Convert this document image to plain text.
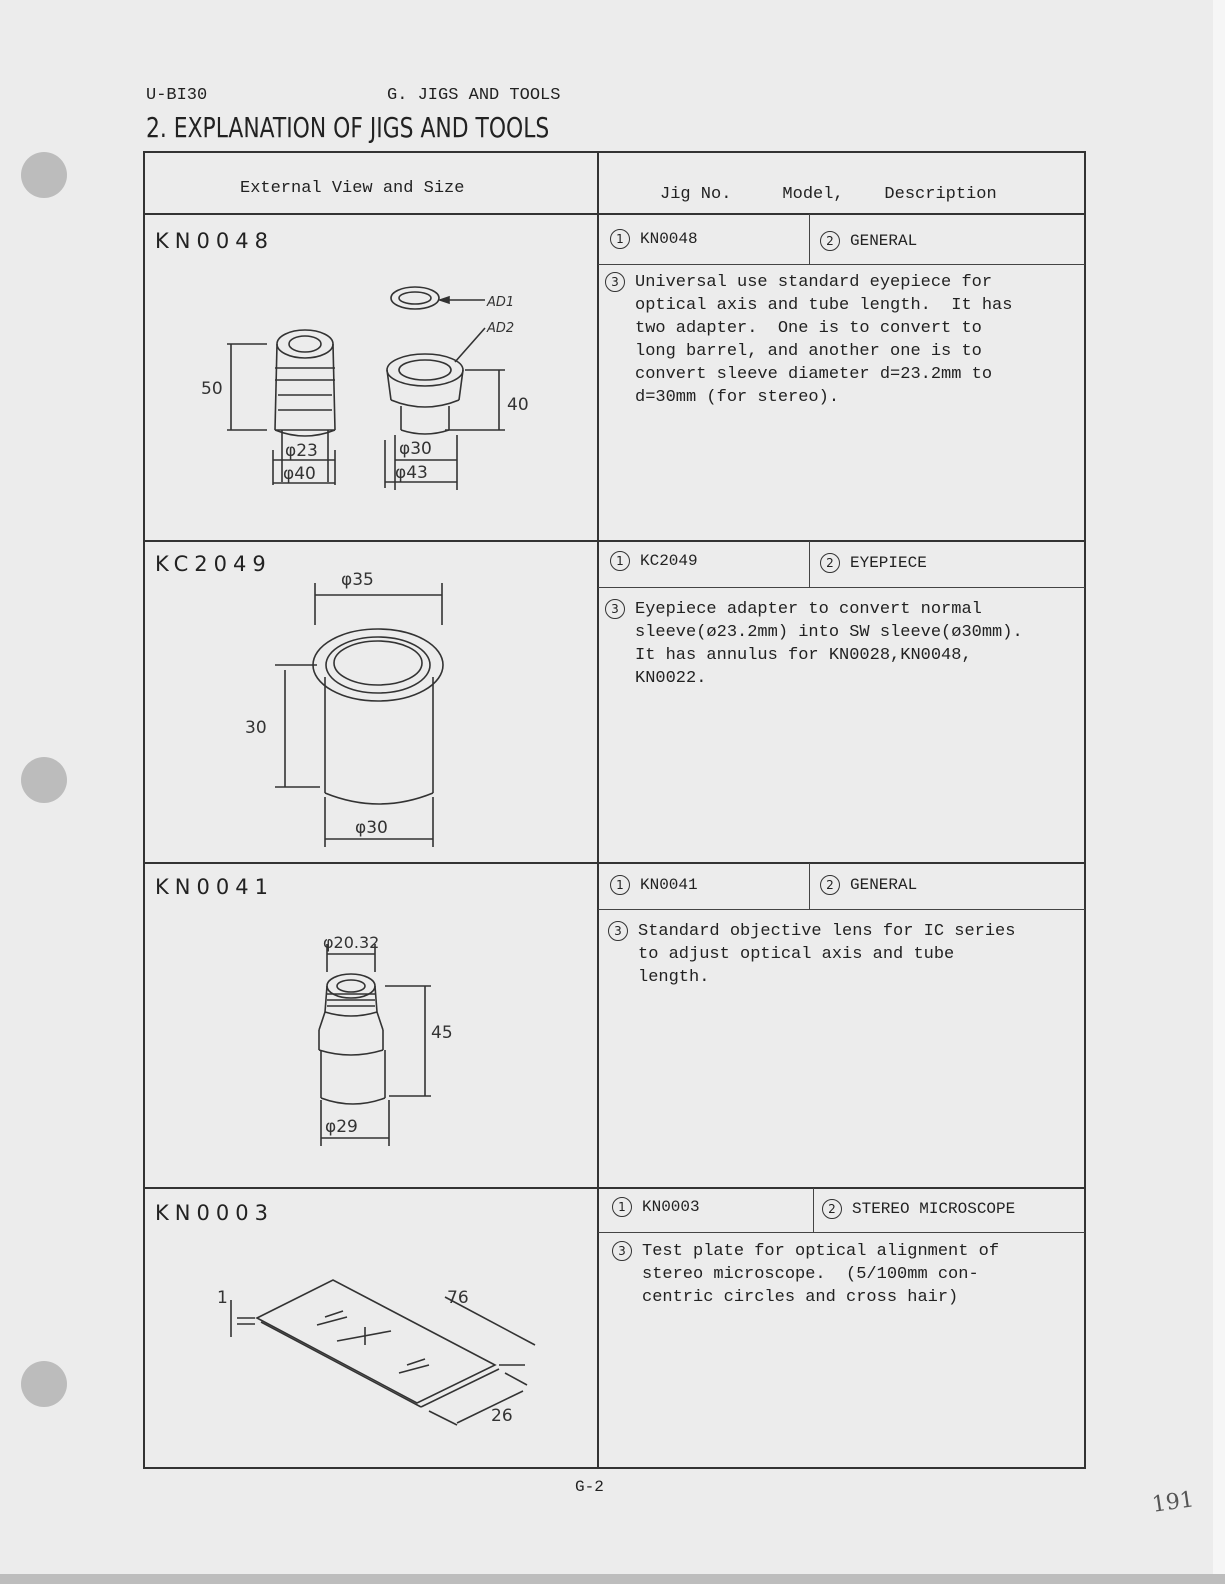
U-BI30	G. JIGS AND TOOLS
2. EXPLANATION OF JIGS AND TOOLS
External View and Size	Jig No.     Model,    Description
KN0048	1	KN0048	2	GENERAL
3 Universal use standard eyepiece for
optical axis and tube length.  It has
two adapter.  One is to convert to
long barrel, and another one is to
convert sleeve diameter d=23.2mm to
d=30mm (for stereo).
50
φ23
φ40
AD1
AD2
40
φ30
φ43
KC2049	1	KC2049	2	EYEPIECE
3 Eyepiece adapter to convert normal
sleeve(ø23.2mm) into SW sleeve(ø30mm).
It has annulus for KN0028,KN0048,
KN0022.
φ35
30
φ30
KN0041	1	KN0041	2	GENERAL
3 Standard objective lens for IC series
to adjust optical axis and tube
length.
φ20.32
45
φ29
KN0003	1	KN0003	2	STEREO MICROSCOPE
3 Test plate for optical alignment of
stereo microscope.  (5/100mm con-
centric circles and cross hair)
1	76
26
G-2
191
